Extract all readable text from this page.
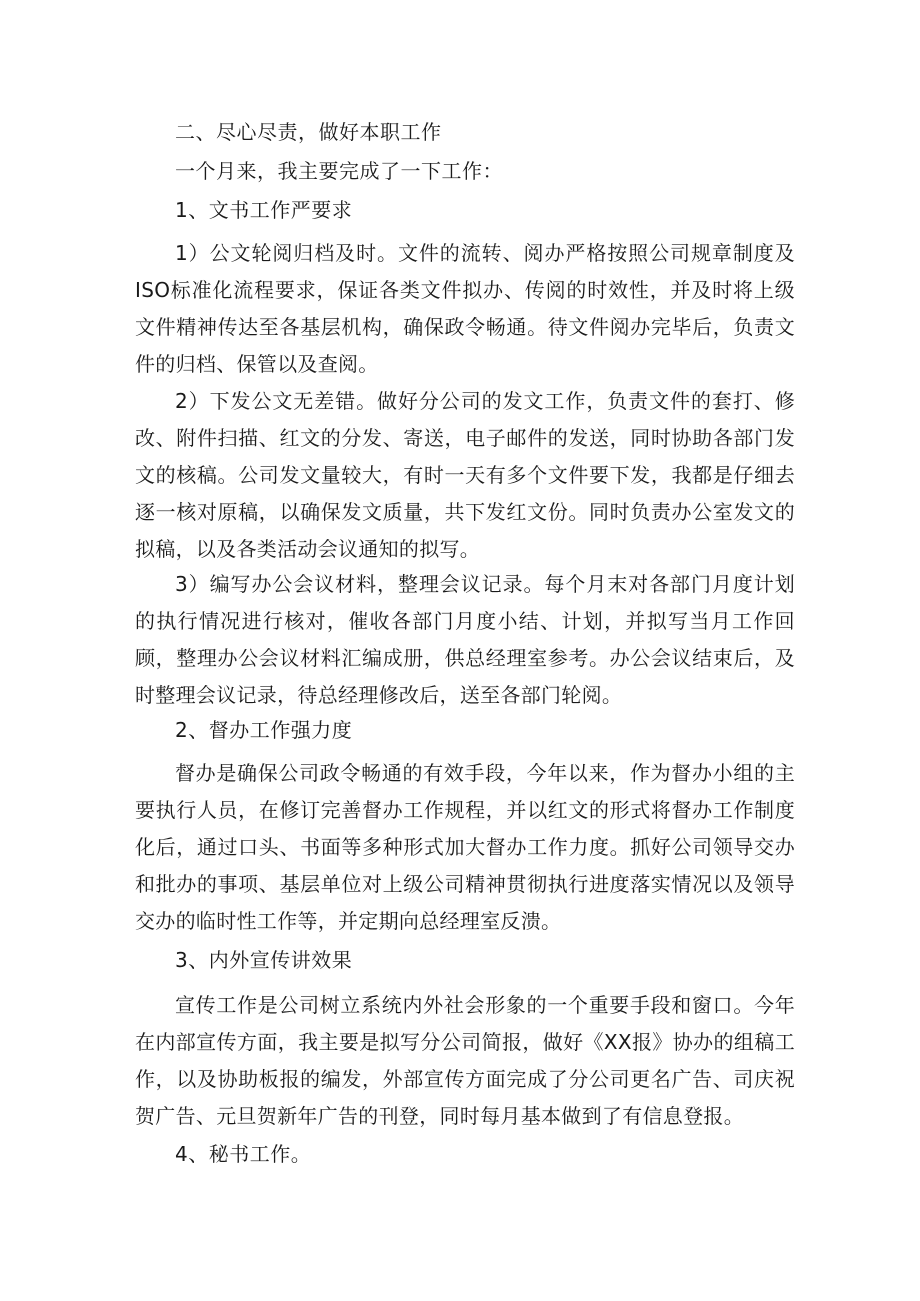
二、尽心尽责，做好本职工作
一个月来，我主要完成了一下工作：
1、文书工作严要求
1）公文轮阅归档及时。文件的流转、阅办严格按照公司规章制度及ISO标准化流程要求，保证各类文件拟办、传阅的时效性，并及时将上级文件精神传达至各基层机构，确保政令畅通。待文件阅办完毕后，负责文件的归档、保管以及查阅。
2）下发公文无差错。做好分公司的发文工作，负责文件的套打、修改、附件扫描、红文的分发、寄送，电子邮件的发送，同时协助各部门发文的核稿。公司发文量较大，有时一天有多个文件要下发，我都是仔细去逐一核对原稿，以确保发文质量，共下发红文份。同时负责办公室发文的拟稿，以及各类活动会议通知的拟写。
3）编写办公会议材料，整理会议记录。每个月末对各部门月度计划的执行情况进行核对，催收各部门月度小结、计划，并拟写当月工作回顾，整理办公会议材料汇编成册，供总经理室参考。办公会议结束后，及时整理会议记录，待总经理修改后，送至各部门轮阅。
2、督办工作强力度
督办是确保公司政令畅通的有效手段，今年以来，作为督办小组的主要执行人员，在修订完善督办工作规程，并以红文的形式将督办工作制度化后，通过口头、书面等多种形式加大督办工作力度。抓好公司领导交办和批办的事项、基层单位对上级公司精神贯彻执行进度落实情况以及领导交办的临时性工作等，并定期向总经理室反溃。
3、内外宣传讲效果
宣传工作是公司树立系统内外社会形象的一个重要手段和窗口。今年在内部宣传方面，我主要是拟写分公司简报，做好《XX报》协办的组稿工作，以及协助板报的编发，外部宣传方面完成了分公司更名广告、司庆祝贺广告、元旦贺新年广告的刊登，同时每月基本做到了有信息登报。
4、秘书工作。
